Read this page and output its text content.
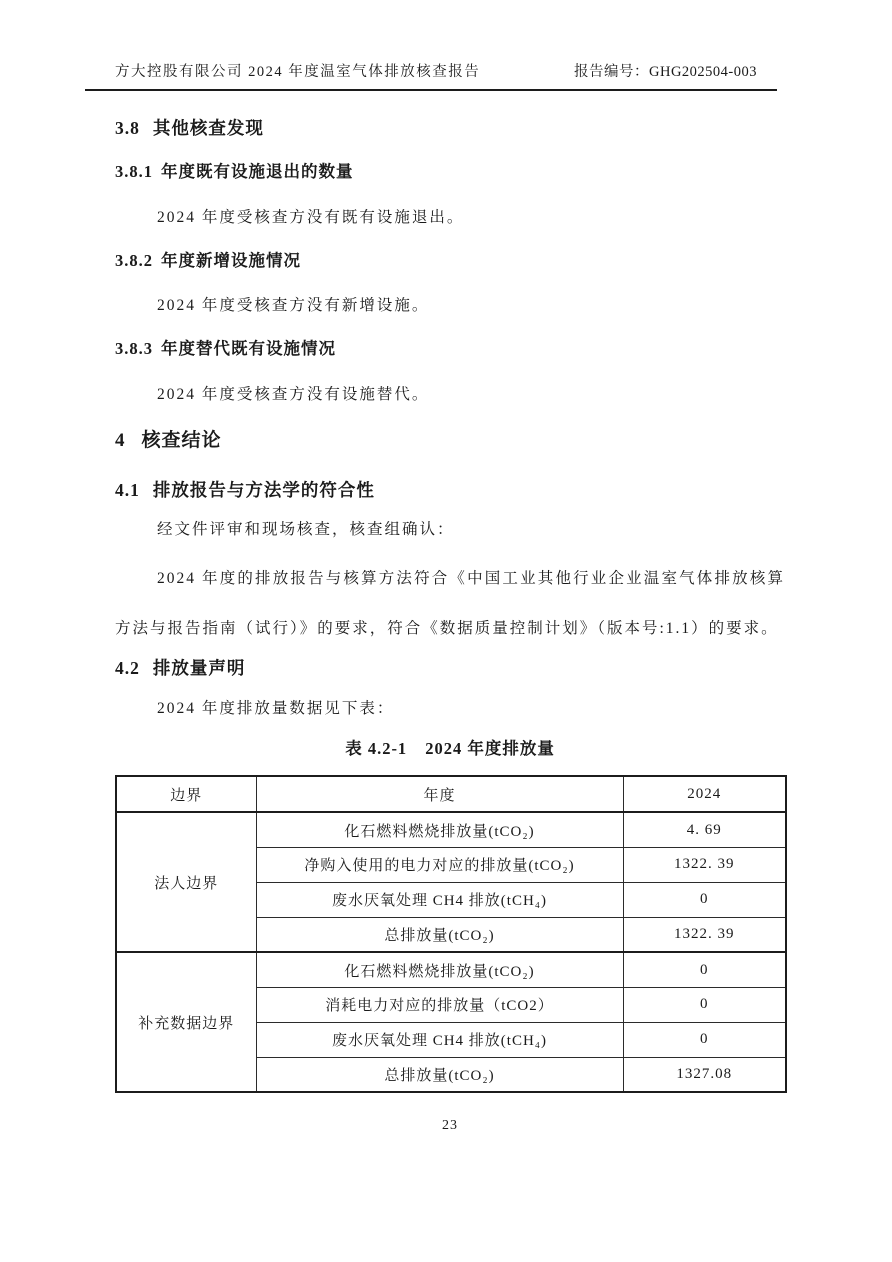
方大控股有限公司 2024 年度温室气体排放核查报告	报告编号：GHG202504-003
3.8 其他核查发现
3.8.1 年度既有设施退出的数量

2024 年度受核查方没有既有设施退出。

3.8.2 年度新增设施情况

2024 年度受核查方没有新增设施。

3.8.3 年度替代既有设施情况

2024 年度受核查方没有设施替代。

4 核查结论
4.1 排放报告与方法学的符合性

经文件评审和现场核查，核查组确认：

2024 年度的排放报告与核算方法符合《中国工业其他行业企业温室气体排放核算方法与报告指南（试行）》的要求，符合《数据质量控制计划》（版本号:1.1）的要求。

4.2 排放量声明

2024 年度排放量数据见下表：

表 4.2-1 2024 年度排放量
边界	年度	2024
法人边界	化石燃料燃烧排放量(tCO₂)	4. 69
	净购入使用的电力对应的排放量(tCO₂)	1322. 39
	废水厌氧处理 CH4 排放(tCH₄)	0
	总排放量(tCO₂)	1322. 39
补充数据边界	化石燃料燃烧排放量(tCO₂)	0
	消耗电力对应的排放量（tCO2）	0
	废水厌氧处理 CH4 排放(tCH₄)	0
	总排放量(tCO₂)	1327.08
23
